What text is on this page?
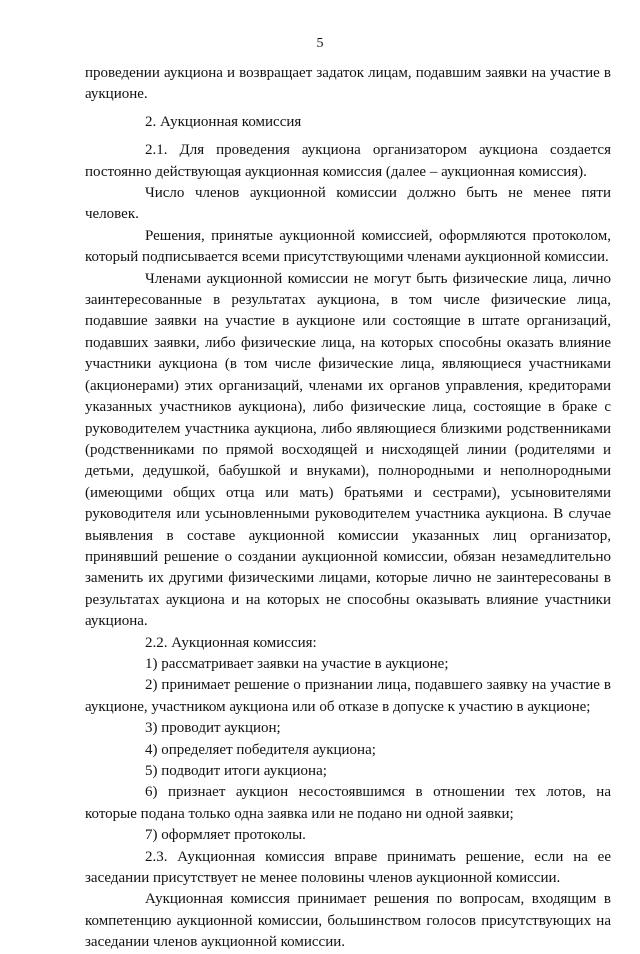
5

проведении аукциона и возвращает задаток лицам, подавшим заявки на участие в аукционе.

2. Аукционная комиссия

2.1. Для проведения аукциона организатором аукциона создается постоянно действующая аукционная комиссия (далее – аукционная комиссия).

Число членов аукционной комиссии должно быть не менее пяти человек.

Решения, принятые аукционной комиссией, оформляются протоколом, который подписывается всеми присутствующими членами аукционной комиссии.

Членами аукционной комиссии не могут быть физические лица, лично заинтересованные в результатах аукциона, в том числе физические лица, подавшие заявки на участие в аукционе или состоящие в штате организаций, подавших заявки, либо физические лица, на которых способны оказать влияние участники аукциона (в том числе физические лица, являющиеся участниками (акционерами) этих организаций, членами их органов управления, кредиторами указанных участников аукциона), либо физические лица, состоящие в браке с руководителем участника аукциона, либо являющиеся близкими родственниками (родственниками по прямой восходящей и нисходящей линии (родителями и детьми, дедушкой, бабушкой и внуками), полнородными и неполнородными (имеющими общих отца или мать) братьями и сестрами), усыновителями руководителя или усыновленными руководителем участника аукциона. В случае выявления в составе аукционной комиссии указанных лиц организатор, принявший решение о создании аукционной комиссии, обязан незамедлительно заменить их другими физическими лицами, которые лично не заинтересованы в результатах аукциона и на которых не способны оказывать влияние участники аукциона.

2.2. Аукционная комиссия:

1) рассматривает заявки на участие в аукционе;

2) принимает решение о признании лица, подавшего заявку на участие в аукционе, участником аукциона или об отказе в допуске к участию в аукционе;

3) проводит аукцион;

4) определяет победителя аукциона;

5) подводит итоги аукциона;

6) признает аукцион несостоявшимся в отношении тех лотов, на которые подана только одна заявка или не подано ни одной заявки;

7) оформляет протоколы.

2.3. Аукционная комиссия вправе принимать решение, если на ее заседании присутствует не менее половины членов аукционной комиссии.

Аукционная комиссия принимает решения по вопросам, входящим в компетенцию аукционной комиссии, большинством голосов присутствующих на заседании членов аукционной комиссии.
